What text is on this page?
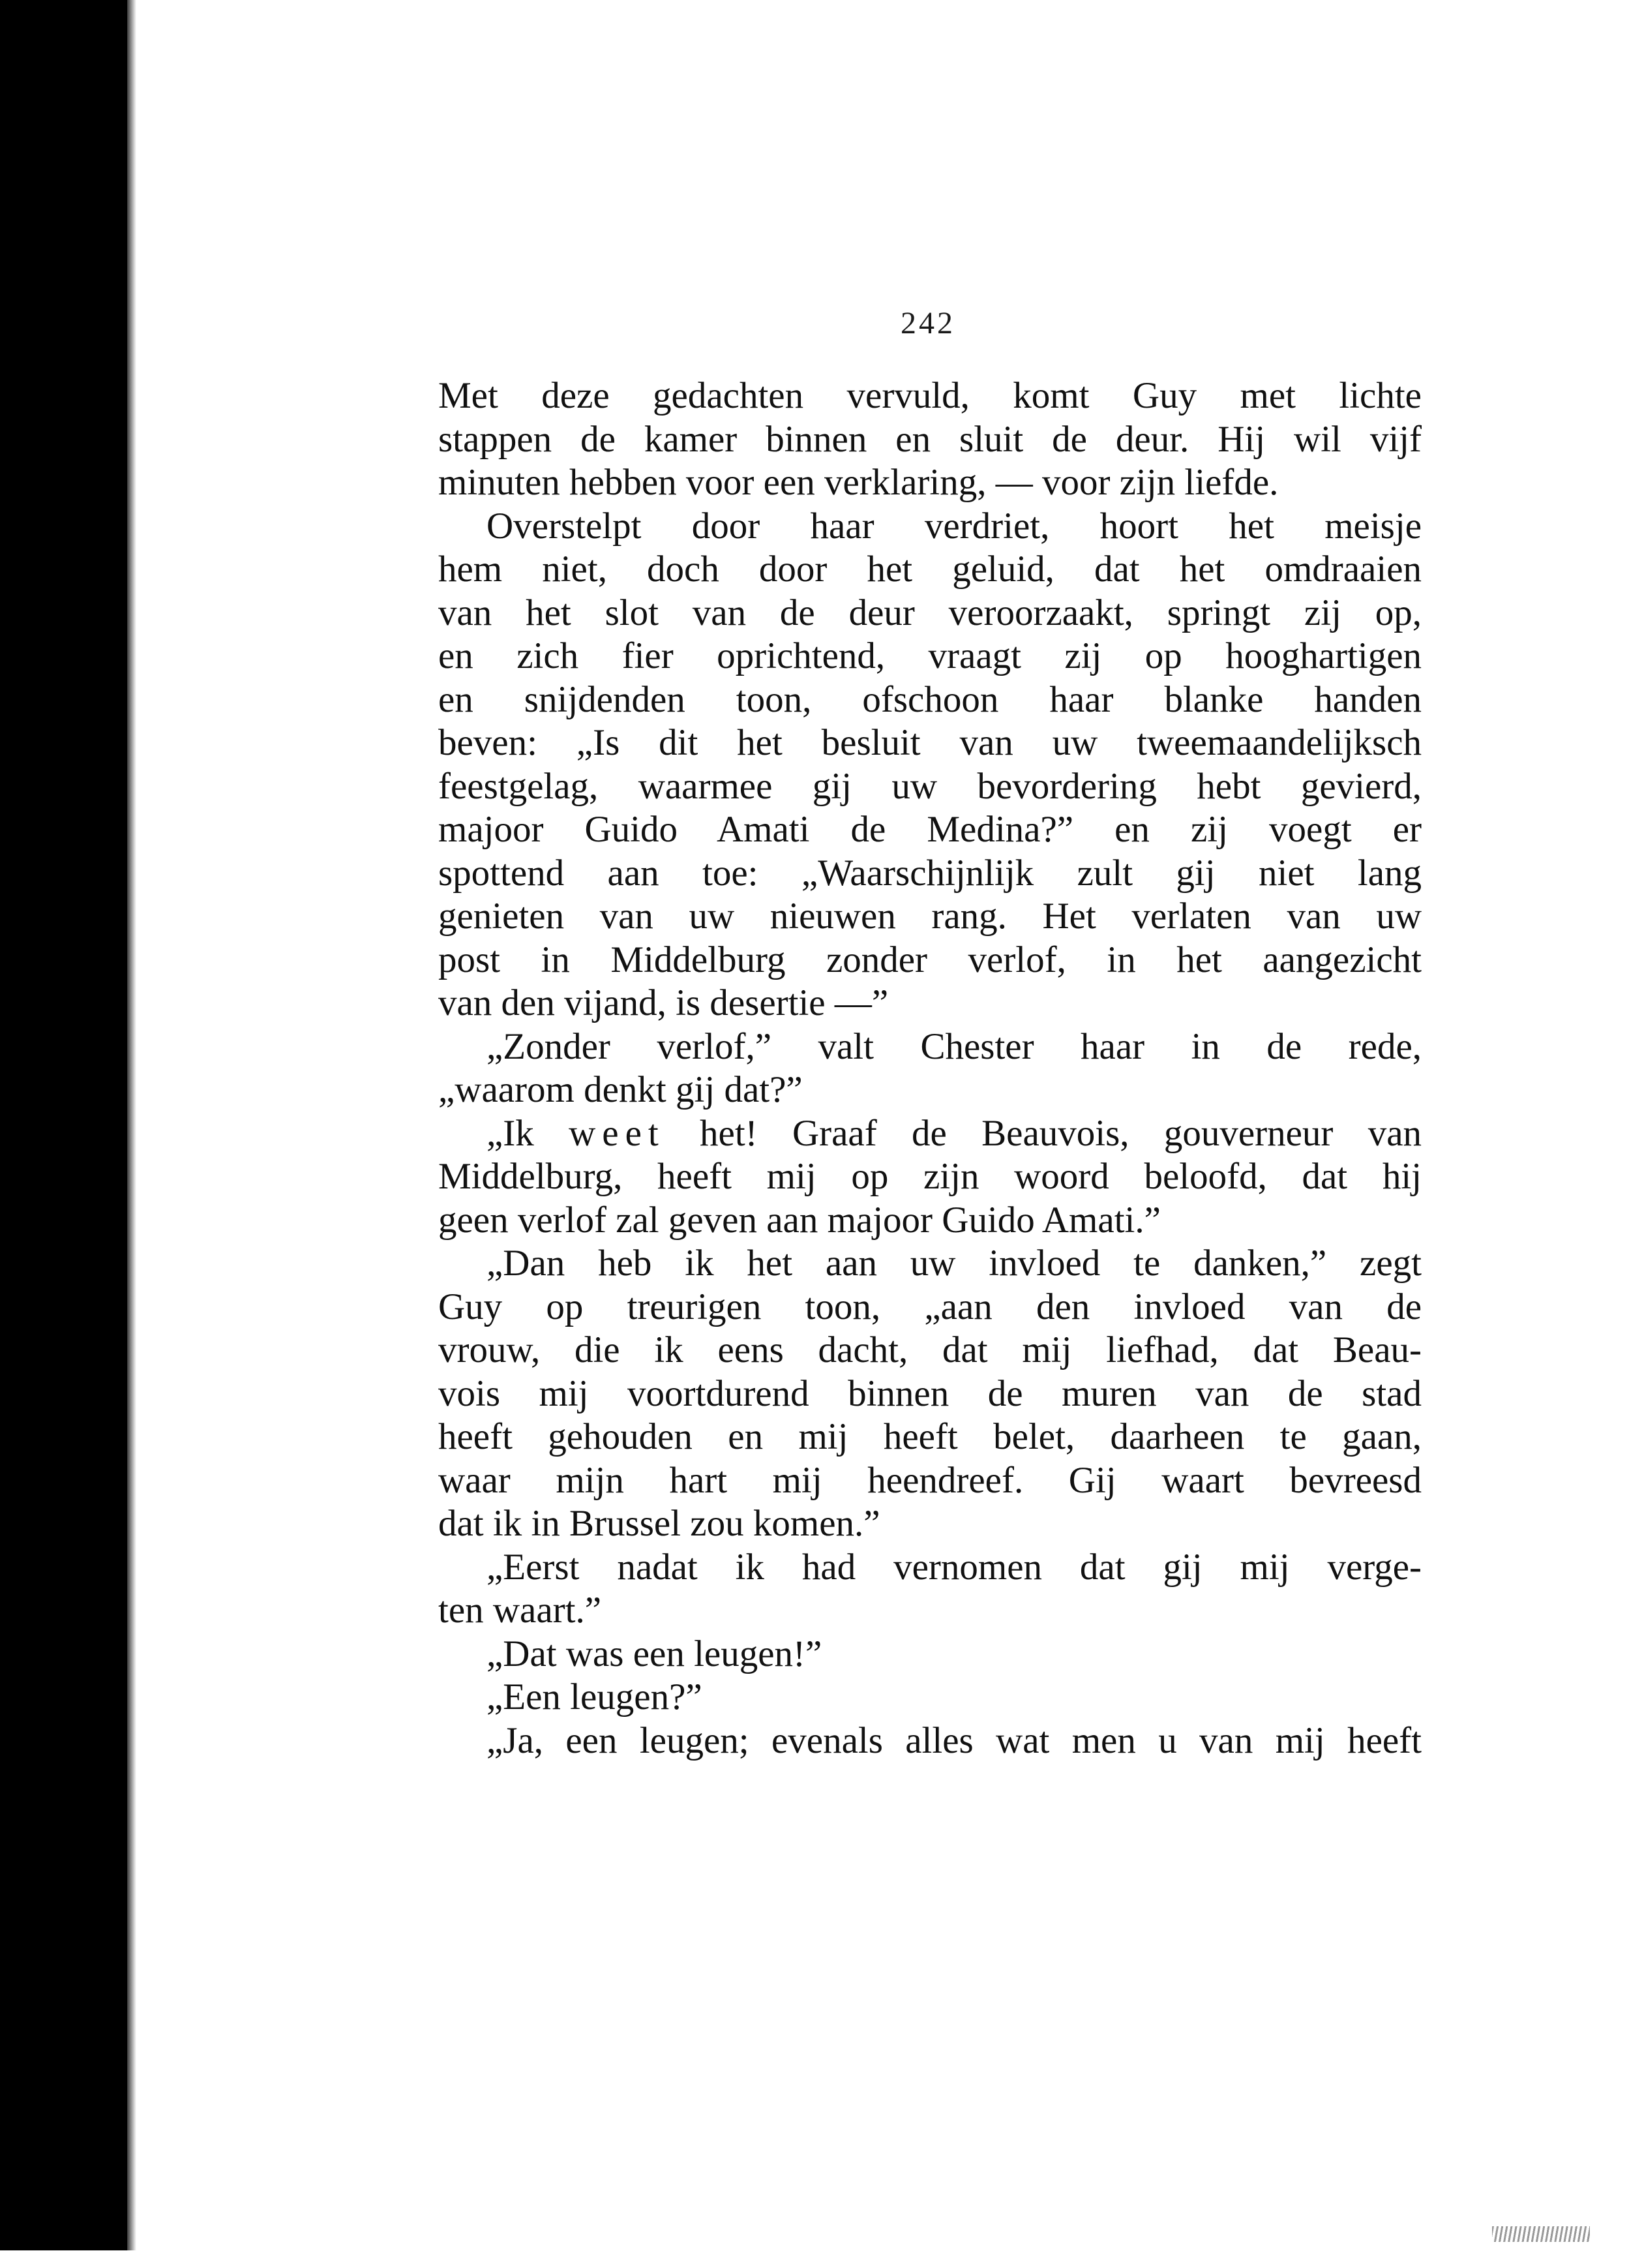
242
Met deze gedachten vervuld, komt Guy met lichte
stappen de kamer binnen en sluit de deur. Hij wil vijf
minuten hebben voor een verklaring, — voor zijn liefde.
Overstelpt door haar verdriet, hoort het meisje
hem niet, doch door het geluid, dat het omdraaien
van het slot van de deur veroorzaakt, springt zij op,
en zich fier oprichtend, vraagt zij op hooghartigen
en snijdenden toon, ofschoon haar blanke handen
beven: „Is dit het besluit van uw tweemaandelijksch
feestgelag, waarmee gij uw bevordering hebt gevierd,
majoor Guido Amati de Medina?” en zij voegt er
spottend aan toe: „Waarschijnlijk zult gij niet lang
genieten van uw nieuwen rang. Het verlaten van uw
post in Middelburg zonder verlof, in het aangezicht
van den vijand, is desertie —”
„Zonder verlof,” valt Chester haar in de rede,
„waarom denkt gij dat?”
„Ik weet het! Graaf de Beauvois, gouverneur van
Middelburg, heeft mij op zijn woord beloofd, dat hij
geen verlof zal geven aan majoor Guido Amati.”
„Dan heb ik het aan uw invloed te danken,” zegt
Guy op treurigen toon, „aan den invloed van de
vrouw, die ik eens dacht, dat mij liefhad, dat Beau-
vois mij voortdurend binnen de muren van de stad
heeft gehouden en mij heeft belet, daarheen te gaan,
waar mijn hart mij heendreef. Gij waart bevreesd
dat ik in Brussel zou komen.”
„Eerst nadat ik had vernomen dat gij mij verge-
ten waart.”
„Dat was een leugen!”
„Een leugen?”
„Ja, een leugen; evenals alles wat men u van mij heeft
